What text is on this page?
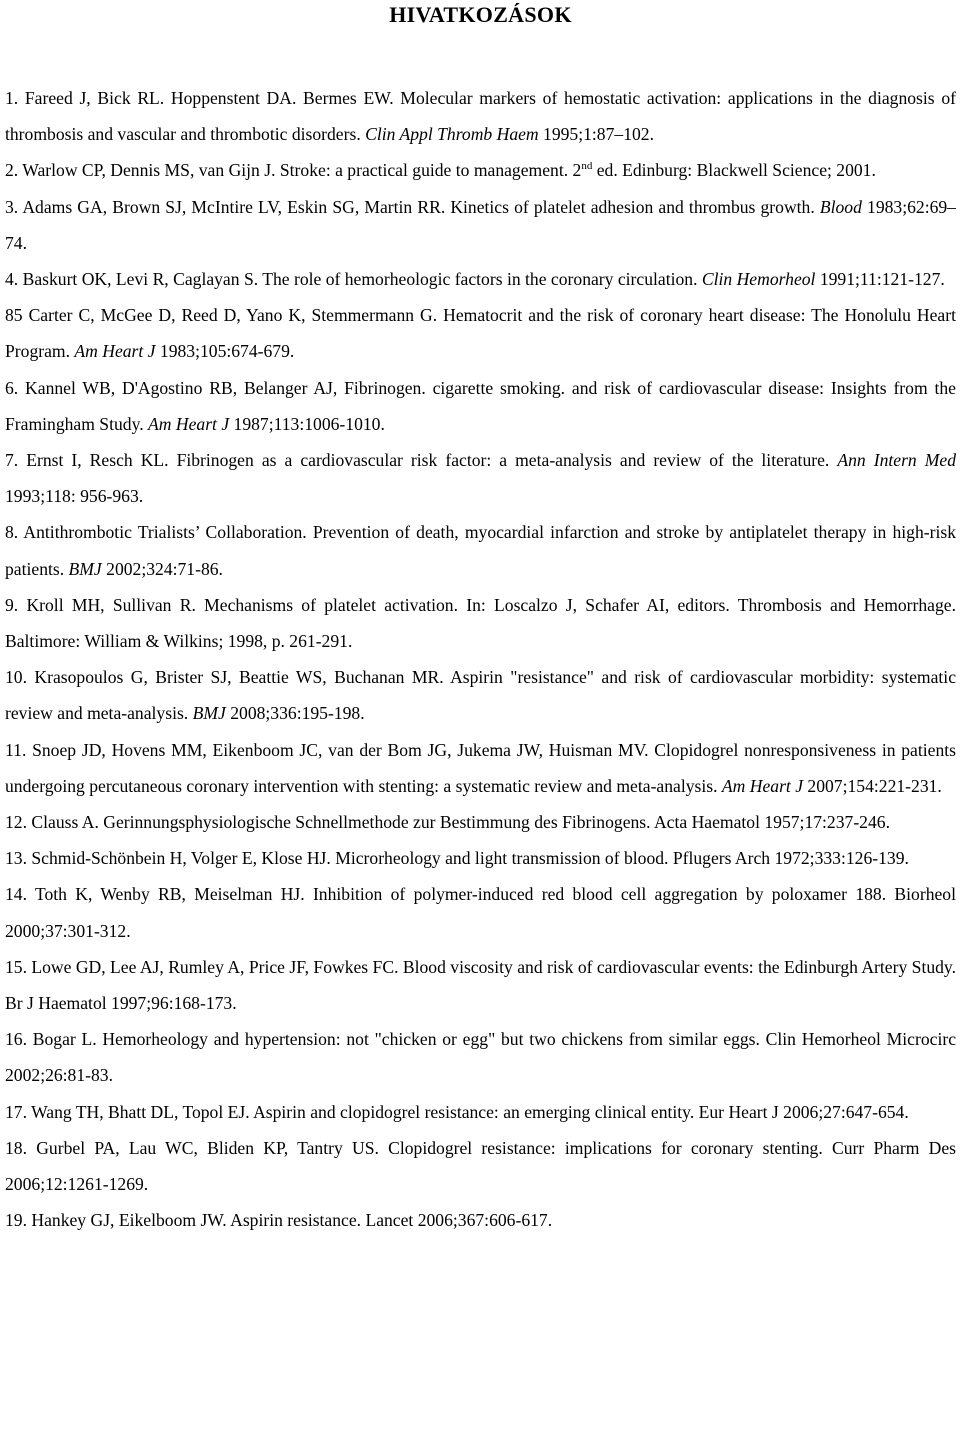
HIVATKOZÁSOK

1. Fareed J, Bick RL. Hoppenstent DA. Bermes EW. Molecular markers of hemostatic activation: applications in the diagnosis of thrombosis and vascular and thrombotic disorders. Clin Appl Thromb Haem 1995;1:87–102.

2. Warlow CP, Dennis MS, van Gijn J. Stroke: a practical guide to management. 2nd ed. Edinburg: Blackwell Science; 2001.

3. Adams GA, Brown SJ, McIntire LV, Eskin SG, Martin RR. Kinetics of platelet adhesion and thrombus growth. Blood 1983;62:69–74.

4. Baskurt OK, Levi R, Caglayan S. The role of hemorheologic factors in the coronary circulation. Clin Hemorheol 1991;11:121-127.

85 Carter C, McGee D, Reed D, Yano K, Stemmermann G. Hematocrit and the risk of coronary heart disease: The Honolulu Heart Program. Am Heart J 1983;105:674-679.

6. Kannel WB, D'Agostino RB, Belanger AJ, Fibrinogen. cigarette smoking. and risk of cardiovascular disease: Insights from the Framingham Study. Am Heart J 1987;113:1006-1010.

7. Ernst I, Resch KL. Fibrinogen as a cardiovascular risk factor: a meta-analysis and review of the literature. Ann Intern Med 1993;118: 956-963.

8. Antithrombotic Trialists’ Collaboration. Prevention of death, myocardial infarction and stroke by antiplatelet therapy in high-risk patients. BMJ 2002;324:71-86.

9. Kroll MH, Sullivan R. Mechanisms of platelet activation. In: Loscalzo J, Schafer AI, editors. Thrombosis and Hemorrhage. Baltimore: William & Wilkins; 1998, p. 261-291.

10. Krasopoulos G, Brister SJ, Beattie WS, Buchanan MR. Aspirin "resistance" and risk of cardiovascular morbidity: systematic review and meta-analysis. BMJ 2008;336:195-198.

11. Snoep JD, Hovens MM, Eikenboom JC, van der Bom JG, Jukema JW, Huisman MV. Clopidogrel nonresponsiveness in patients undergoing percutaneous coronary intervention with stenting: a systematic review and meta-analysis. Am Heart J 2007;154:221-231.

12. Clauss A. Gerinnungsphysiologische Schnellmethode zur Bestimmung des Fibrinogens. Acta Haematol 1957;17:237-246.

13. Schmid-Schönbein H, Volger E, Klose HJ. Microrheology and light transmission of blood. Pflugers Arch 1972;333:126-139.

14. Toth K, Wenby RB, Meiselman HJ. Inhibition of polymer-induced red blood cell aggregation by poloxamer 188. Biorheol 2000;37:301-312.

15. Lowe GD, Lee AJ, Rumley A, Price JF, Fowkes FC. Blood viscosity and risk of cardiovascular events: the Edinburgh Artery Study. Br J Haematol 1997;96:168-173.

16. Bogar L. Hemorheology and hypertension: not "chicken or egg" but two chickens from similar eggs. Clin Hemorheol Microcirc 2002;26:81-83.

17. Wang TH, Bhatt DL, Topol EJ. Aspirin and clopidogrel resistance: an emerging clinical entity. Eur Heart J 2006;27:647-654.

18. Gurbel PA, Lau WC, Bliden KP, Tantry US. Clopidogrel resistance: implications for coronary stenting. Curr Pharm Des 2006;12:1261-1269.

19. Hankey GJ, Eikelboom JW. Aspirin resistance. Lancet 2006;367:606-617.
